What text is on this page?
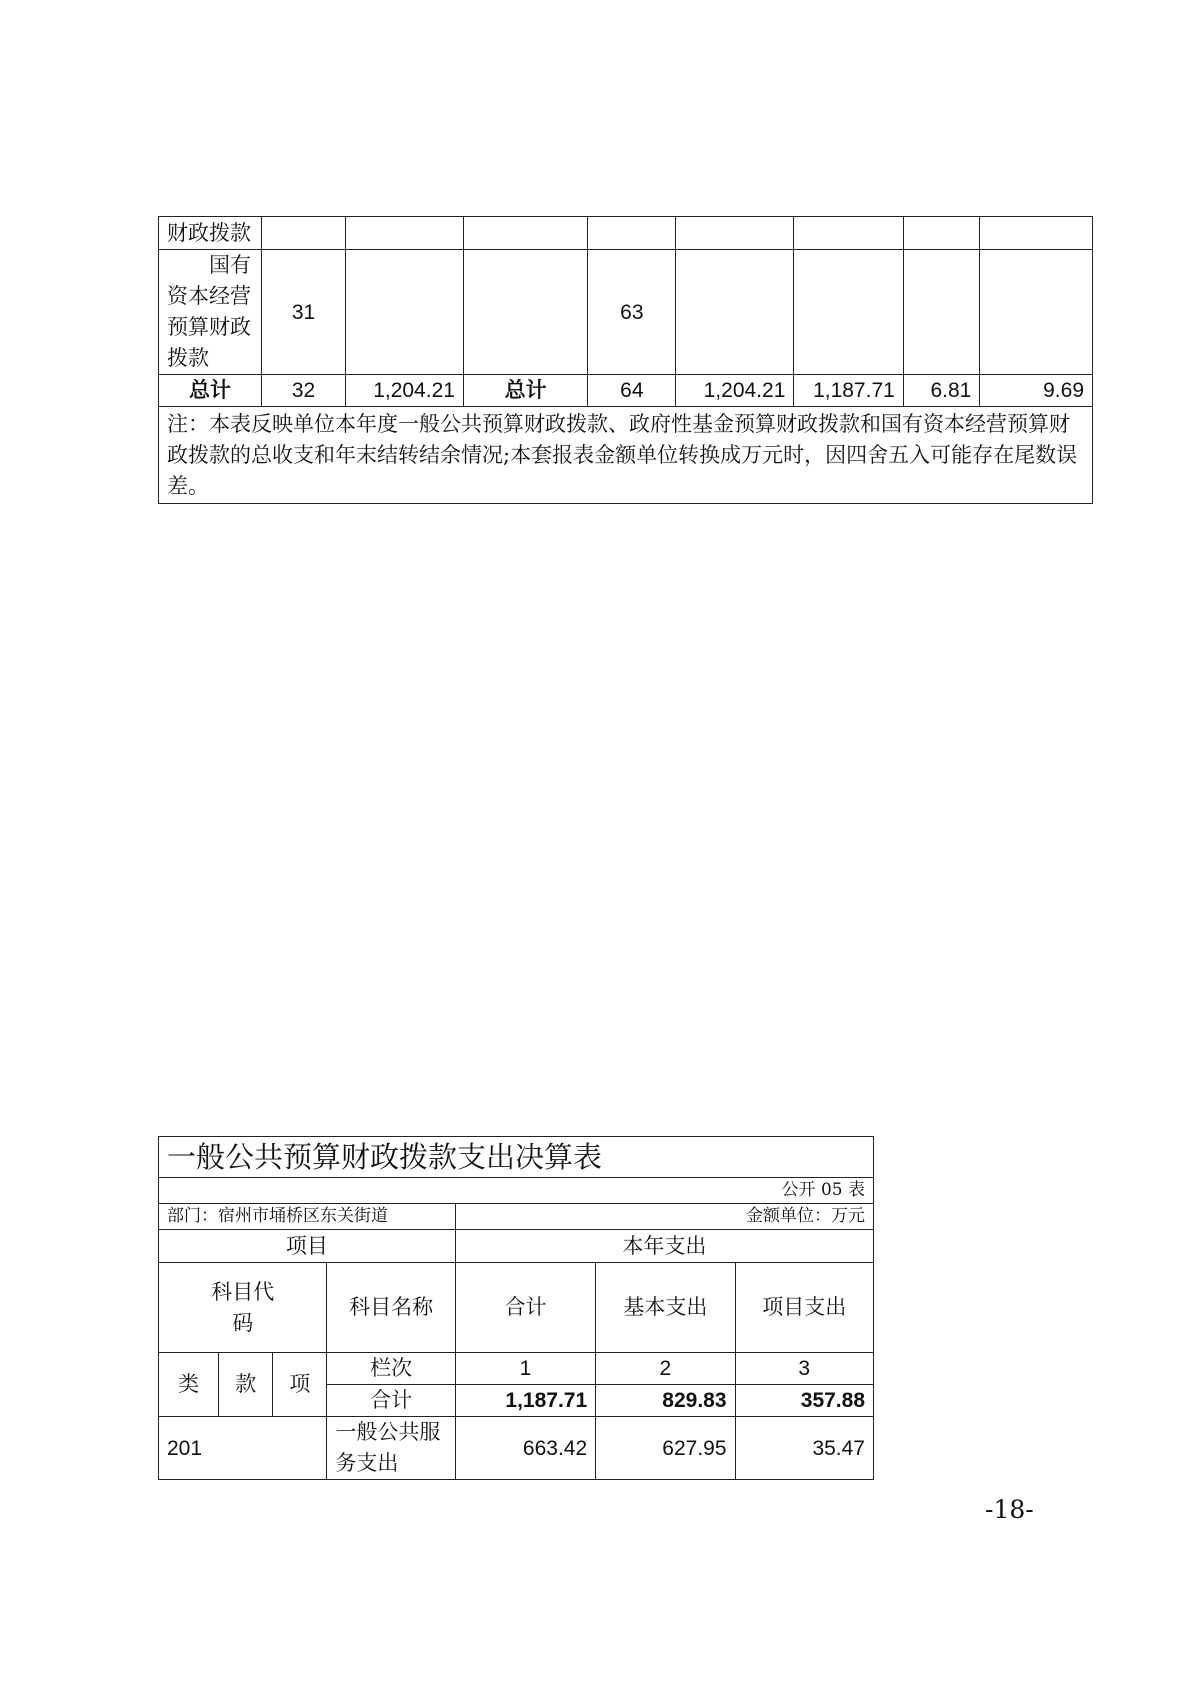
财政拨款								
国有资本经营预算财政拨款	31			63				
总计	32	1,204.21	总计	64	1,204.21	1,187.71	6.81	9.69
注：本表反映单位本年度一般公共预算财政拨款、政府性基金预算财政拨款和国有资本经营预算财政拨款的总收支和年末结转结余情况;本套报表金额单位转换成万元时，因四舍五入可能存在尾数误差。								
一般公共预算财政拨款支出决算表						
公开 05 表						
部门：宿州市埇桥区东关街道				金额单位：万元		
项目				本年支出		
科目代码			科目名称	合计	基本支出	项目支出
类	款	项	栏次	1	2	3
			合计	1,187.71	829.83	357.88
201			一般公共服务支出	663.42	627.95	35.47
-18-
